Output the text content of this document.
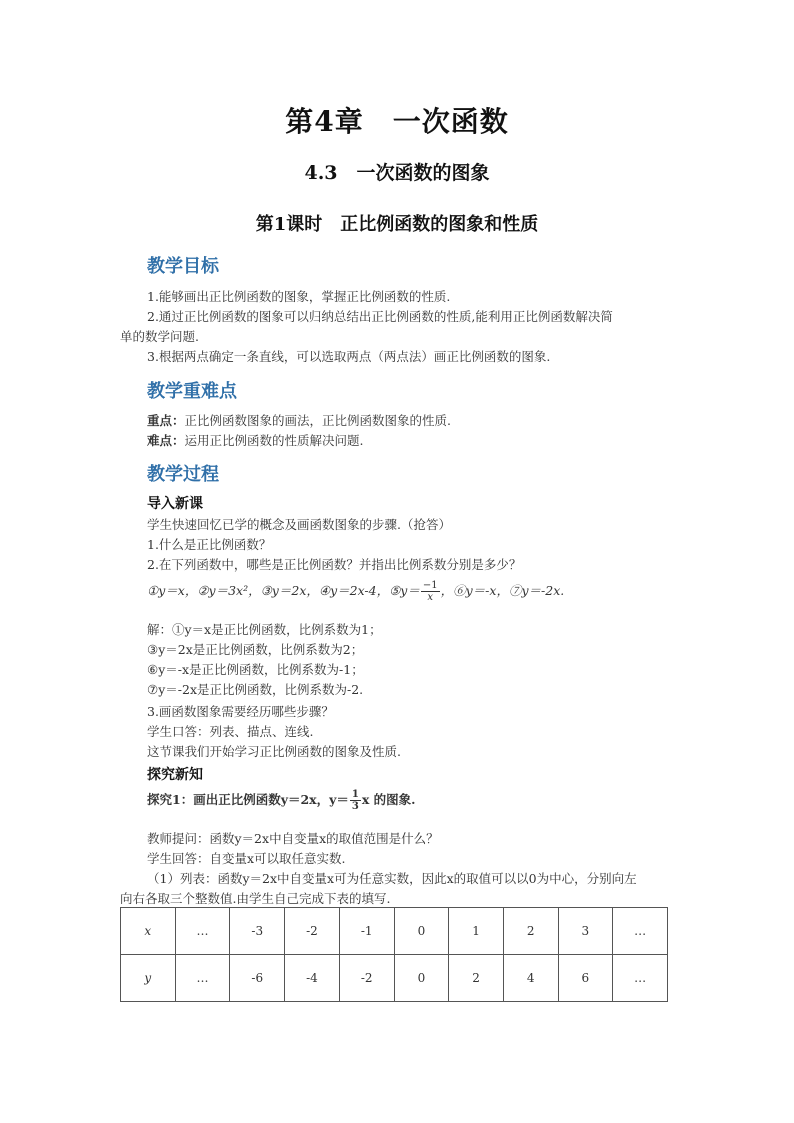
第4章　一次函数
4.3　一次函数的图象
第1课时　正比例函数的图象和性质
教学目标
1.能够画出正比例函数的图象，掌握正比例函数的性质.
2.通过正比例函数的图象可以归纳总结出正比例函数的性质,能利用正比例函数解决简
单的数学问题.
3.根据两点确定一条直线，可以选取两点（两点法）画正比例函数的图象.
教学重难点
重点：正比例函数图象的画法，正比例函数图象的性质.
难点：运用正比例函数的性质解决问题.
教学过程
导入新课
学生快速回忆已学的概念及画函数图象的步骤.（抢答）
1.什么是正比例函数？
2.在下列函数中，哪些是正比例函数？并指出比例系数分别是多少？
①y＝x，②y＝3x²，③y＝2x，④y＝2x-4，⑤y＝ $\frac{-1}{x}$ ，⑥y＝-x，⑦y＝-2x.
解：①y＝x是正比例函数，比例系数为1；
③y＝2x是正比例函数，比例系数为2；
⑥y＝-x是正比例函数，比例系数为-1；
⑦y＝-2x是正比例函数，比例系数为-2.
3.画函数图象需要经历哪些步骤？
学生口答：列表、描点、连线.
这节课我们开始学习正比例函数的图象及性质.
探究新知
探究1：画出正比例函数y＝2x，$y= \frac{1}{3}$ x 的图象.
教师提问：函数y＝2x中自变量x的取值范围是什么？
学生回答：自变量x可以取任意实数.
（1）列表：函数y＝2x中自变量x可为任意实数，因此x的取值可以以0为中心，分别向左
向右各取三个整数值.由学生自己完成下表的填写.
x	…	-3	-2	-1	0	1	2	3	…
y	…	-6	-4	-2	0	2	4	6	…
